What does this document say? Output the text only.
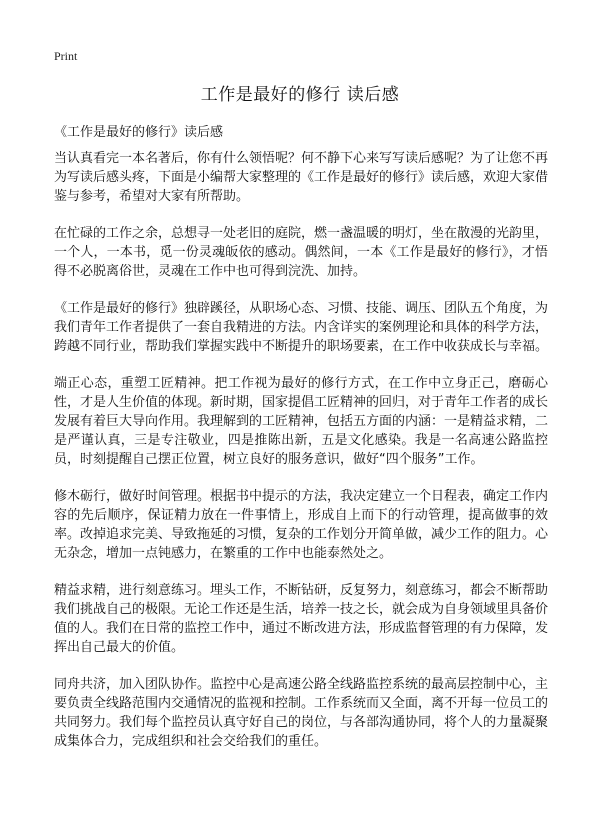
Print
工作是最好的修行 读后感
《工作是最好的修行》读后感

当认真看完一本名著后，你有什么领悟呢？何不静下心来写写读后感呢？为了让您不再为写读后感头疼，下面是小编帮大家整理的《工作是最好的修行》读后感，欢迎大家借鉴与参考，希望对大家有所帮助。

在忙碌的工作之余，总想寻一处老旧的庭院，燃一盏温暖的明灯，坐在散漫的光韵里，一个人，一本书，觅一份灵魂皈依的感动。偶然间，一本《工作是最好的修行》，才悟得不必脱离俗世，灵魂在工作中也可得到浣洗、加持。

《工作是最好的修行》独辟蹊径，从职场心态、习惯、技能、调压、团队五个角度，为我们青年工作者提供了一套自我精进的方法。内含详实的案例理论和具体的科学方法，跨越不同行业，帮助我们掌握实践中不断提升的职场要素，在工作中收获成长与幸福。

端正心态，重塑工匠精神。把工作视为最好的修行方式，在工作中立身正己，磨砺心性，才是人生价值的体现。新时期，国家提倡工匠精神的回归，对于青年工作者的成长发展有着巨大导向作用。我理解到的工匠精神，包括五方面的内涵：一是精益求精，二是严谨认真，三是专注敬业，四是推陈出新，五是文化感染。我是一名高速公路监控员，时刻提醒自己摆正位置，树立良好的服务意识，做好“四个服务”工作。

修木砺行，做好时间管理。根据书中提示的方法，我决定建立一个日程表，确定工作内容的先后顺序，保证精力放在一件事情上，形成自上而下的行动管理，提高做事的效率。改掉追求完美、导致拖延的习惯，复杂的工作划分开简单做，减少工作的阻力。心无杂念，增加一点钝感力，在繁重的工作中也能泰然处之。

精益求精，进行刻意练习。埋头工作，不断钻研，反复努力，刻意练习，都会不断帮助我们挑战自己的极限。无论工作还是生活，培养一技之长，就会成为自身领域里具备价值的人。我们在日常的监控工作中，通过不断改进方法，形成监督管理的有力保障，发挥出自己最大的价值。

同舟共济，加入团队协作。监控中心是高速公路全线路监控系统的最高层控制中心，主要负责全线路范围内交通情况的监视和控制。工作系统而又全面，离不开每一位员工的共同努力。我们每个监控员认真守好自己的岗位，与各部沟通协同，将个人的力量凝聚成集体合力，完成组织和社会交给我们的重任。
